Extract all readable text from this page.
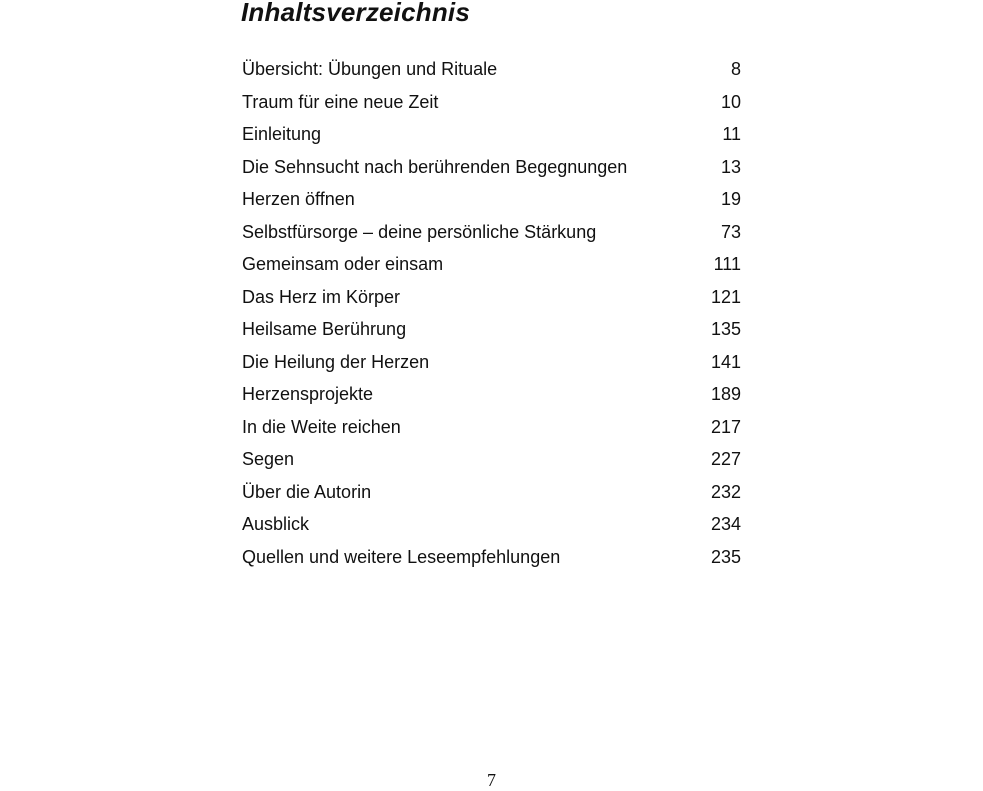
Inhaltsverzeichnis
Übersicht: Übungen und Rituale	8
Traum für eine neue Zeit	10
Einleitung	11
Die Sehnsucht nach berührenden Begegnungen	13
Herzen öffnen	19
Selbstfürsorge – deine persönliche Stärkung	73
Gemeinsam oder einsam	111
Das Herz im Körper	121
Heilsame Berührung	135
Die Heilung der Herzen	141
Herzensprojekte	189
In die Weite reichen	217
Segen	227
Über die Autorin	232
Ausblick	234
Quellen und weitere Leseempfehlungen	235
7
